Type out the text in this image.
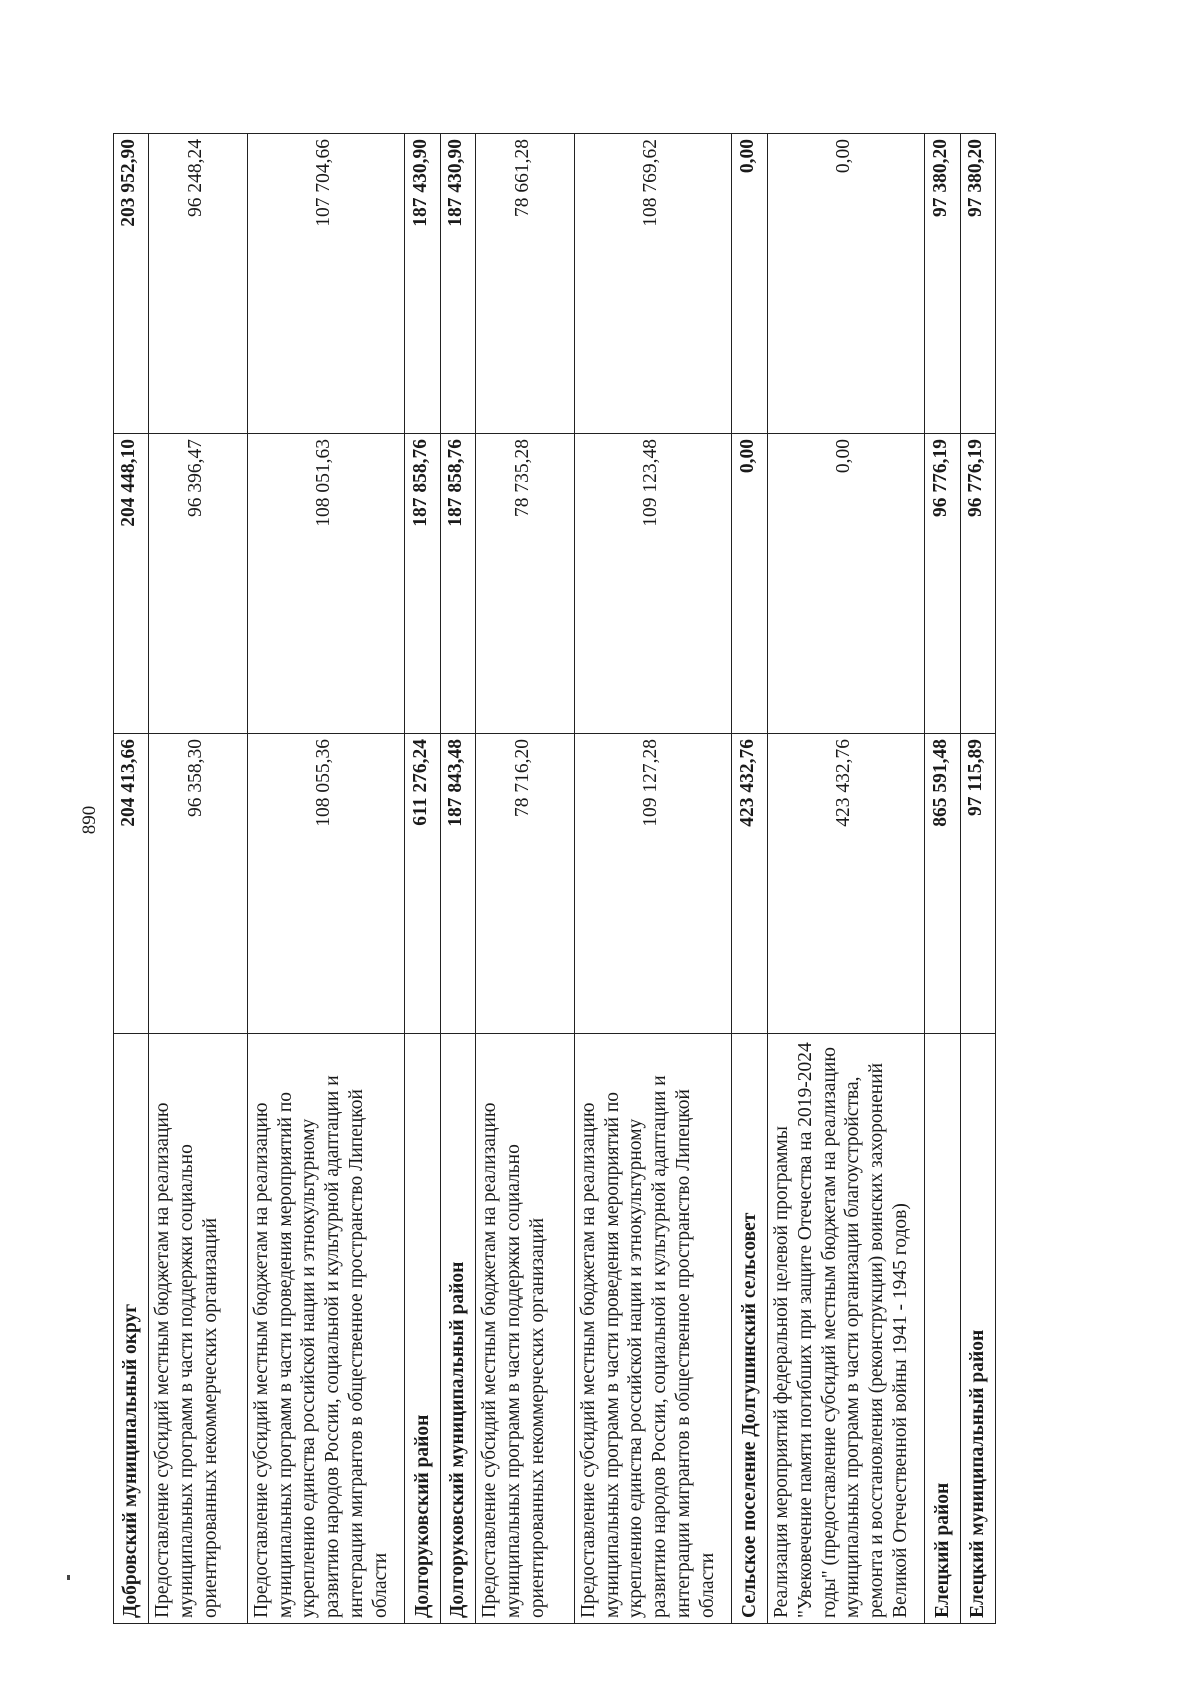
890
Добровский муниципальный округ	204 413,66	204 448,10	203 952,90
Предоставление субсидий местным бюджетам на реализацию муниципальных программ в части поддержки социально ориентированных некоммерческих организаций	96 358,30	96 396,47	96 248,24
Предоставление субсидий местным бюджетам на реализацию муниципальных программ в части проведения мероприятий по укреплению единства российской нации и этнокультурному развитию народов России, социальной и культурной адаптации и интеграции мигрантов в общественное пространство Липецкой области	108 055,36	108 051,63	107 704,66
Долгоруковский район	611 276,24	187 858,76	187 430,90
Долгоруковский муниципальный район	187 843,48	187 858,76	187 430,90
Предоставление субсидий местным бюджетам на реализацию муниципальных программ в части поддержки социально ориентированных некоммерческих организаций	78 716,20	78 735,28	78 661,28
Предоставление субсидий местным бюджетам на реализацию муниципальных программ в части проведения мероприятий по укреплению единства российской нации и этнокультурному развитию народов России, социальной и культурной адаптации и интеграции мигрантов в общественное пространство Липецкой области	109 127,28	109 123,48	108 769,62
Сельское поселение Долгушинский сельсовет	423 432,76	0,00	0,00
Реализация мероприятий федеральной целевой программы "Увековечение памяти погибших при защите Отечества на 2019-2024 годы" (предоставление субсидий местным бюджетам на реализацию муниципальных программ в части организации благоустройства, ремонта и восстановления (реконструкции) воинских захоронений Великой Отечественной войны 1941 - 1945 годов)	423 432,76	0,00	0,00
Елецкий район	865 591,48	96 776,19	97 380,20
Елецкий муниципальный район	97 115,89	96 776,19	97 380,20
